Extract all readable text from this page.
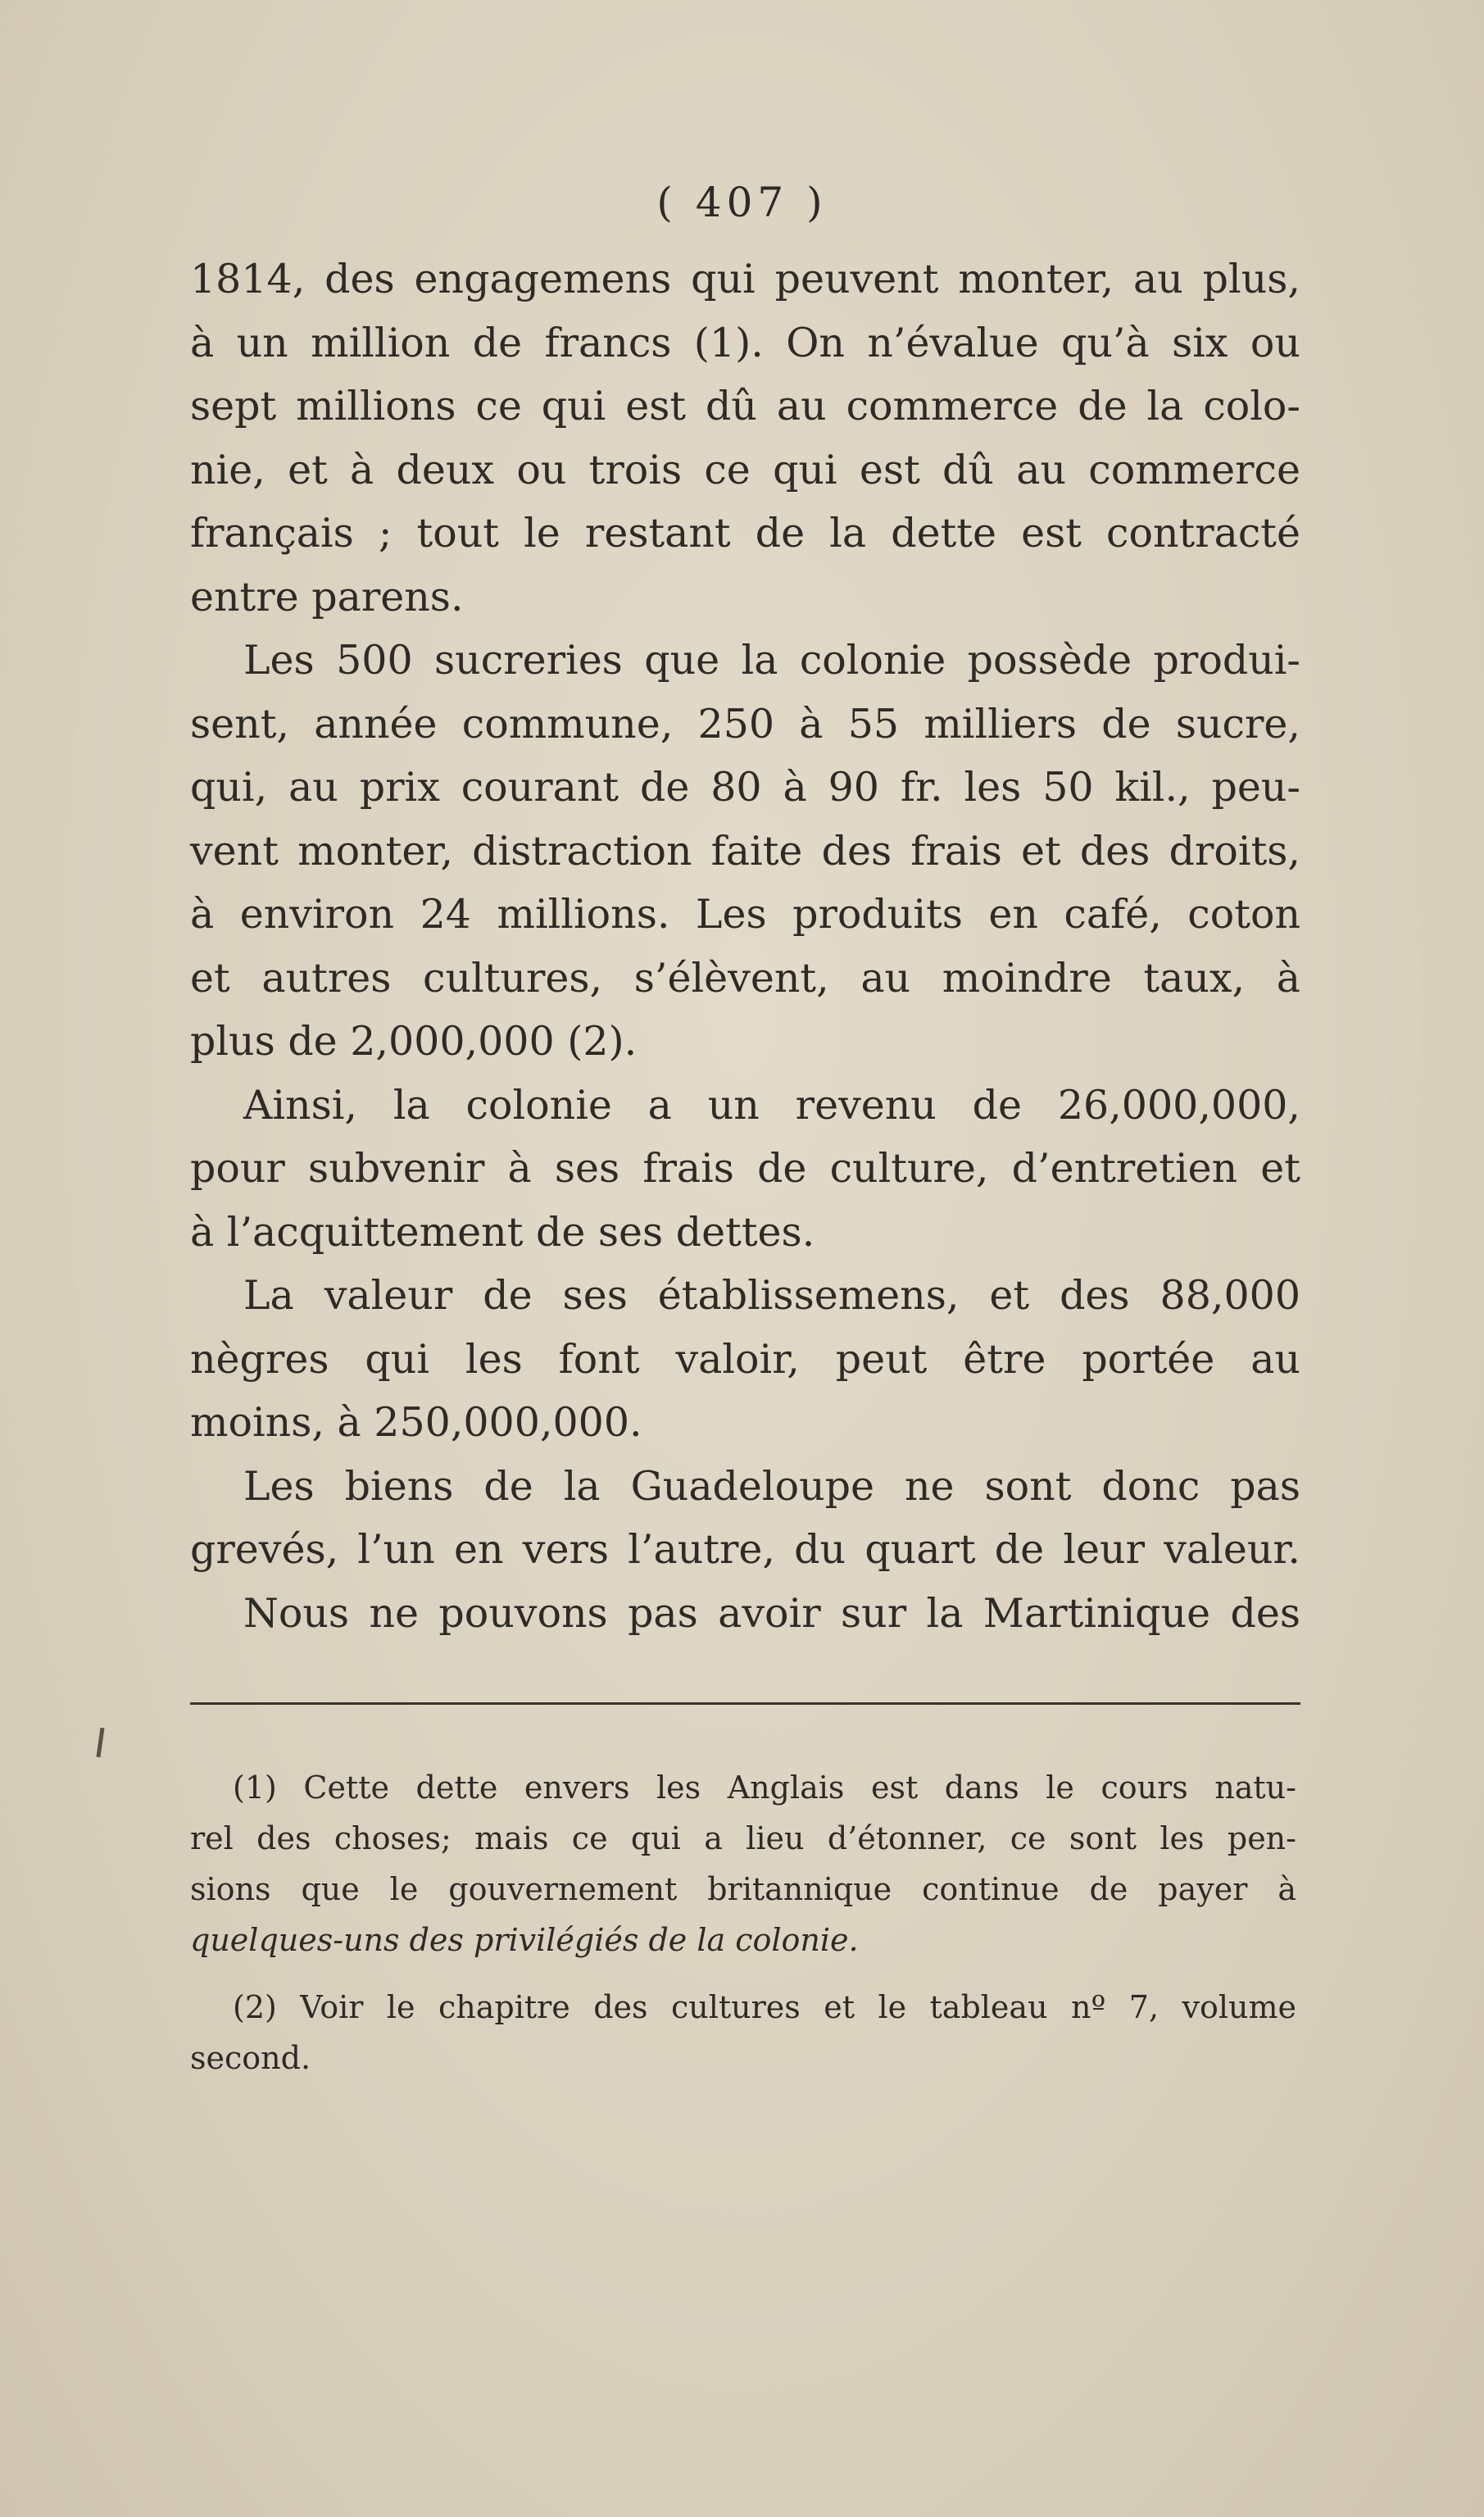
( 407 )
1814, des engagemens qui peuvent monter, au plus,
à un million de francs (1). On n’évalue qu’à six ou
sept millions ce qui est dû au commerce de la colo-
nie, et à deux ou trois ce qui est dû au commerce
français ; tout le restant de la dette est contracté
entre parens.
Les 500 sucreries que la colonie possède produi-
sent, année commune, 250 à 55 milliers de sucre,
qui, au prix courant de 80 à 90 fr. les 50 kil., peu-
vent monter, distraction faite des frais et des droits,
à environ 24 millions. Les produits en café, coton
et autres cultures, s’élèvent, au moindre taux, à
plus de 2,000,000 (2).
Ainsi, la colonie a un revenu de 26,000,000,
pour subvenir à ses frais de culture, d’entretien et
à l’acquittement de ses dettes.
La valeur de ses établissemens, et des 88,000
nègres qui les font valoir, peut être portée au
moins, à 250,000,000.
Les biens de la Guadeloupe ne sont donc pas
grevés, l’un en vers l’autre, du quart de leur valeur.
Nous ne pouvons pas avoir sur la Martinique des
(1) Cette dette envers les Anglais est dans le cours natu-
rel des choses; mais ce qui a lieu d’étonner, ce sont les pen-
sions que le gouvernement britannique continue de payer à
quelques-uns des privilégiés de la colonie.
(2) Voir le chapitre des cultures et le tableau nº 7, volume
second.
